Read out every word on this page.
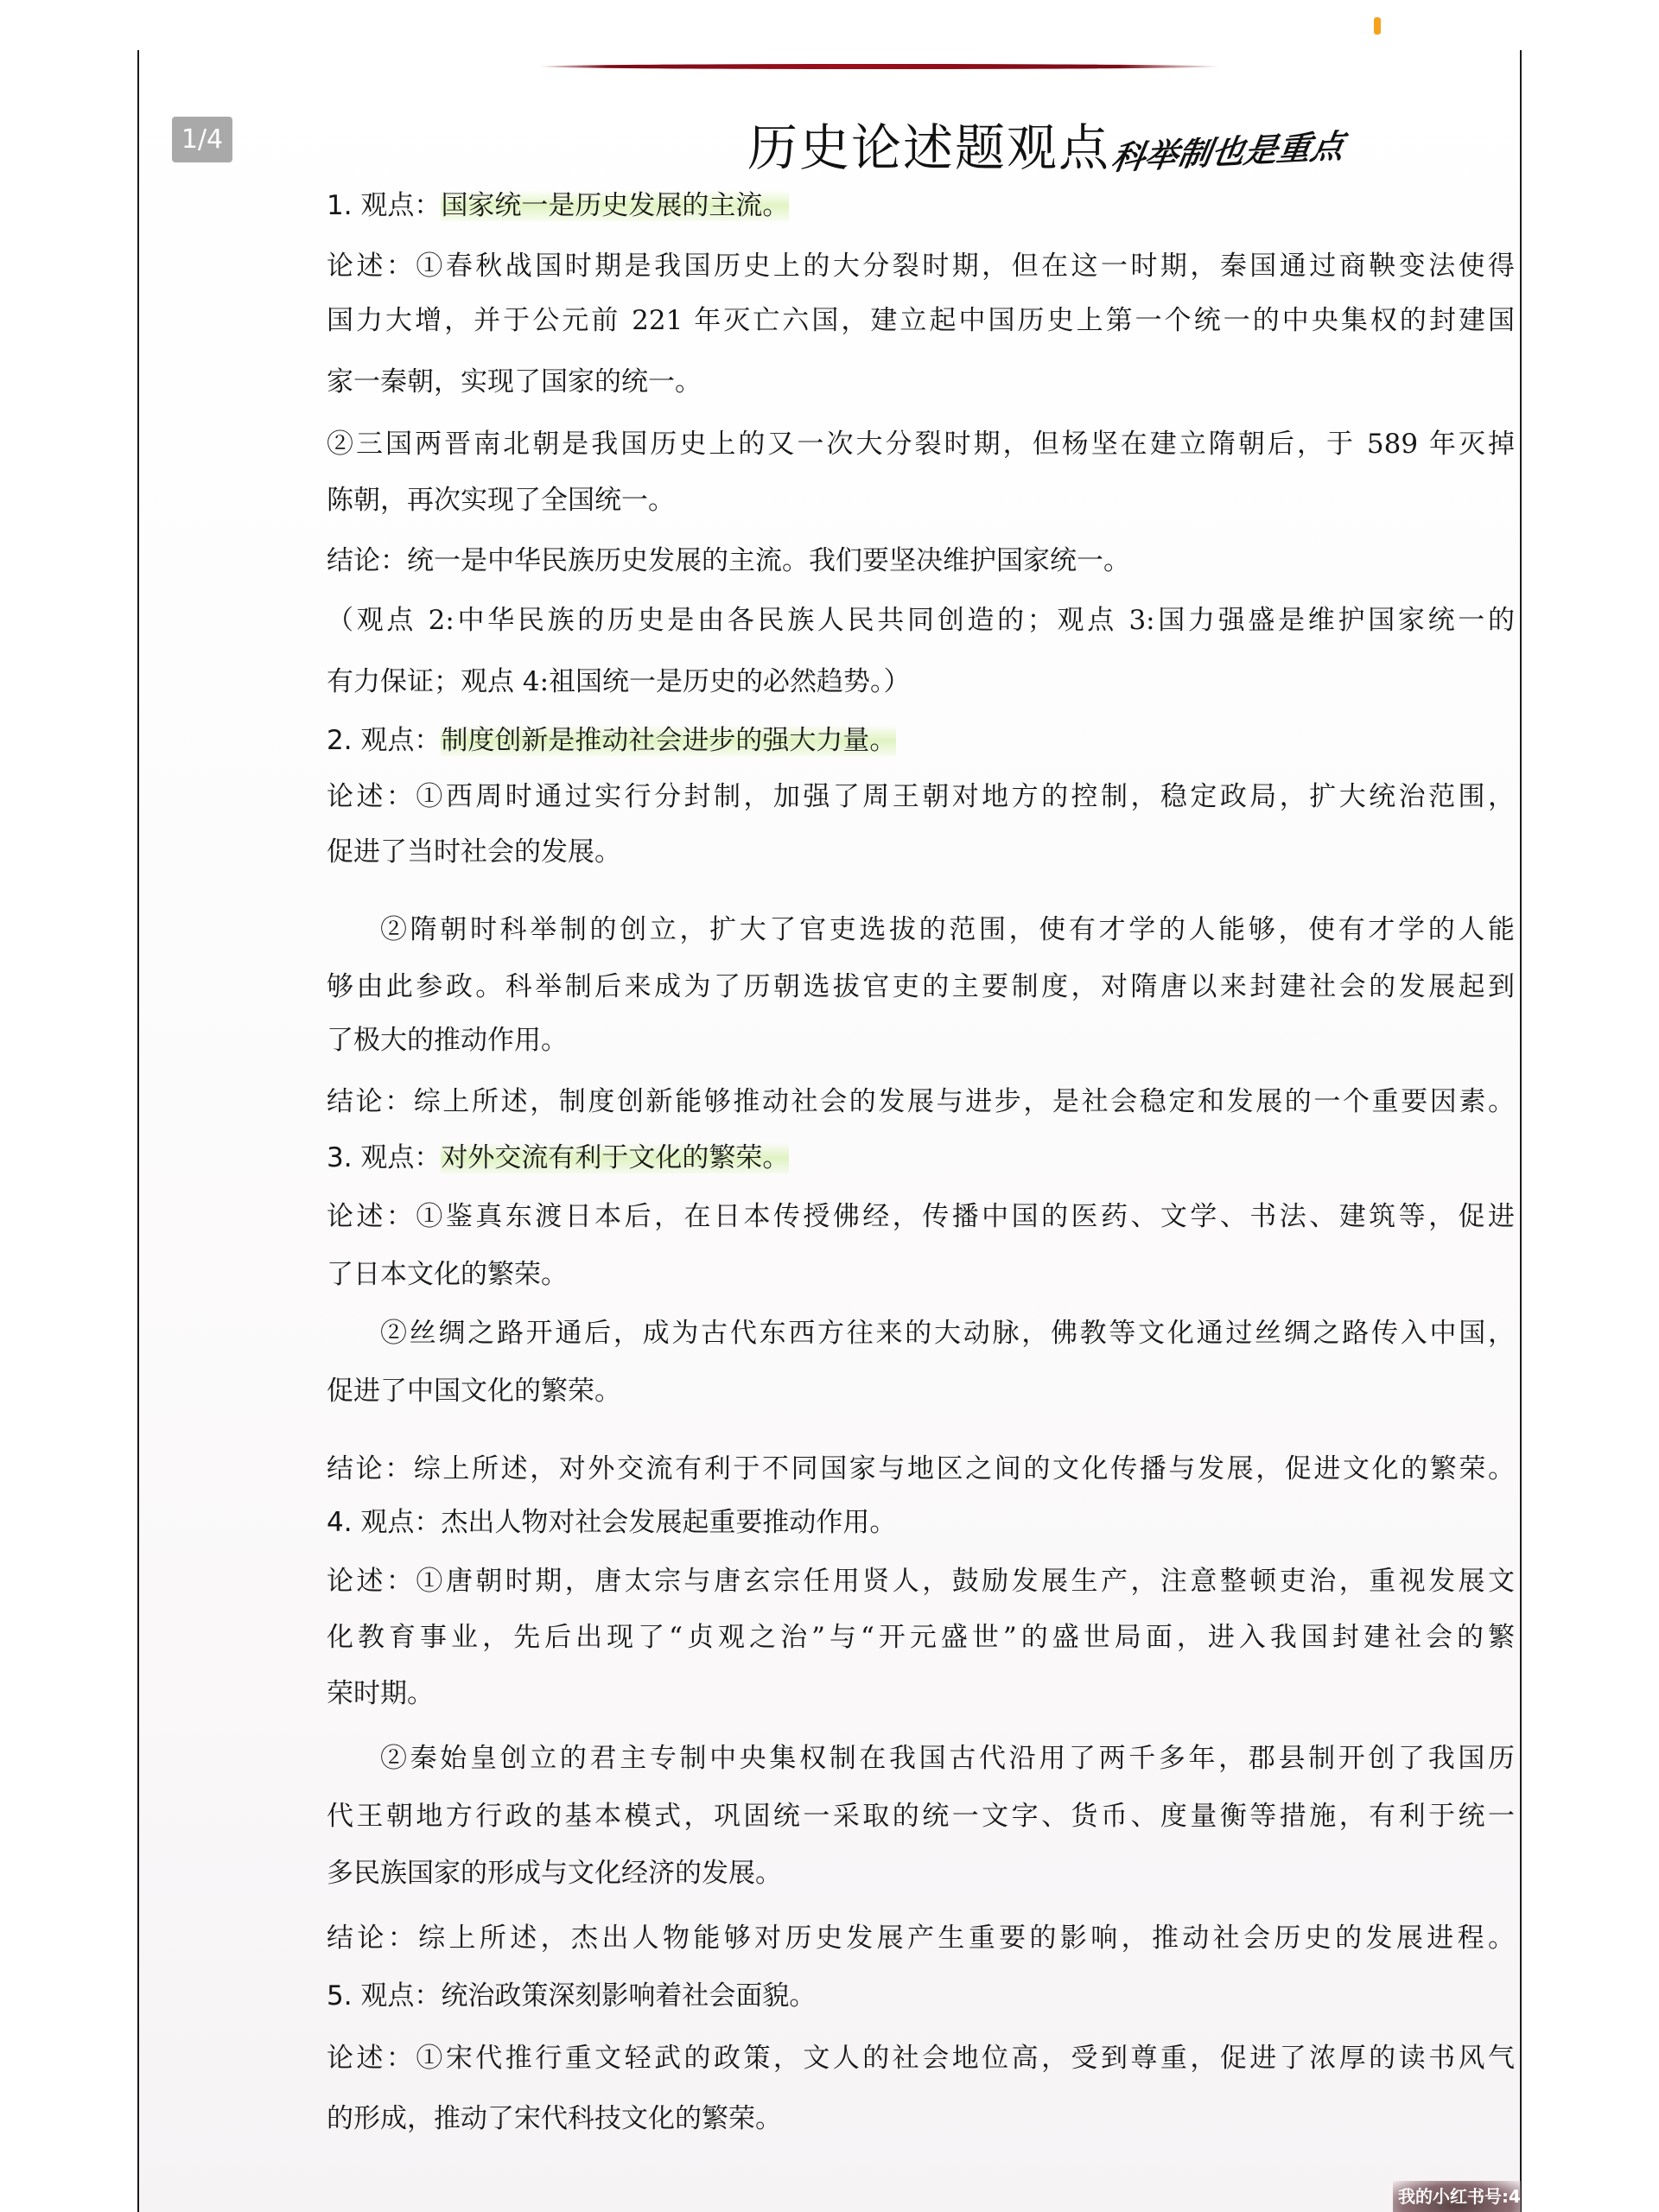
1/4	历史论述题观点
科举制也是重点
1. 观点：国家统一是历史发展的主流。
论述：①春秋战国时期是我国历史上的大分裂时期，但在这一时期，秦国通过商鞅变法使得
国力大增，并于公元前 221 年灭亡六国，建立起中国历史上第一个统一的中央集权的封建国
家一秦朝，实现了国家的统一。
②三国两晋南北朝是我国历史上的又一次大分裂时期，但杨坚在建立隋朝后，于 589 年灭掉
陈朝，再次实现了全国统一。
结论：统一是中华民族历史发展的主流。我们要坚决维护国家统一。
（观点 2:中华民族的历史是由各民族人民共同创造的；观点 3:国力强盛是维护国家统一的
有力保证；观点 4:祖国统一是历史的必然趋势。）
2. 观点：制度创新是推动社会进步的强大力量。
论述：①西周时通过实行分封制，加强了周王朝对地方的控制，稳定政局，扩大统治范围，
促进了当时社会的发展。
②隋朝时科举制的创立，扩大了官吏选拔的范围，使有才学的人能够，使有才学的人能
够由此参政。科举制后来成为了历朝选拔官吏的主要制度，对隋唐以来封建社会的发展起到
了极大的推动作用。
结论：综上所述，制度创新能够推动社会的发展与进步，是社会稳定和发展的一个重要因素。
3. 观点：对外交流有利于文化的繁荣。
论述：①鉴真东渡日本后，在日本传授佛经，传播中国的医药、文学、书法、建筑等，促进
了日本文化的繁荣。
②丝绸之路开通后，成为古代东西方往来的大动脉，佛教等文化通过丝绸之路传入中国，
促进了中国文化的繁荣。
结论：综上所述，对外交流有利于不同国家与地区之间的文化传播与发展，促进文化的繁荣。
4. 观点：杰出人物对社会发展起重要推动作用。
论述：①唐朝时期，唐太宗与唐玄宗任用贤人，鼓励发展生产，注意整顿吏治，重视发展文
化教育事业，先后出现了“贞观之治”与“开元盛世”的盛世局面，进入我国封建社会的繁
荣时期。
②秦始皇创立的君主专制中央集权制在我国古代沿用了两千多年，郡县制开创了我国历
代王朝地方行政的基本模式，巩固统一采取的统一文字、货币、度量衡等措施，有利于统一
多民族国家的形成与文化经济的发展。
结论：综上所述，杰出人物能够对历史发展产生重要的影响，推动社会历史的发展进程。
5. 观点：统治政策深刻影响着社会面貌。
论述：①宋代推行重文轻武的政策，文人的社会地位高，受到尊重，促进了浓厚的读书风气
的形成，推动了宋代科技文化的繁荣。
我的小红书号:4
